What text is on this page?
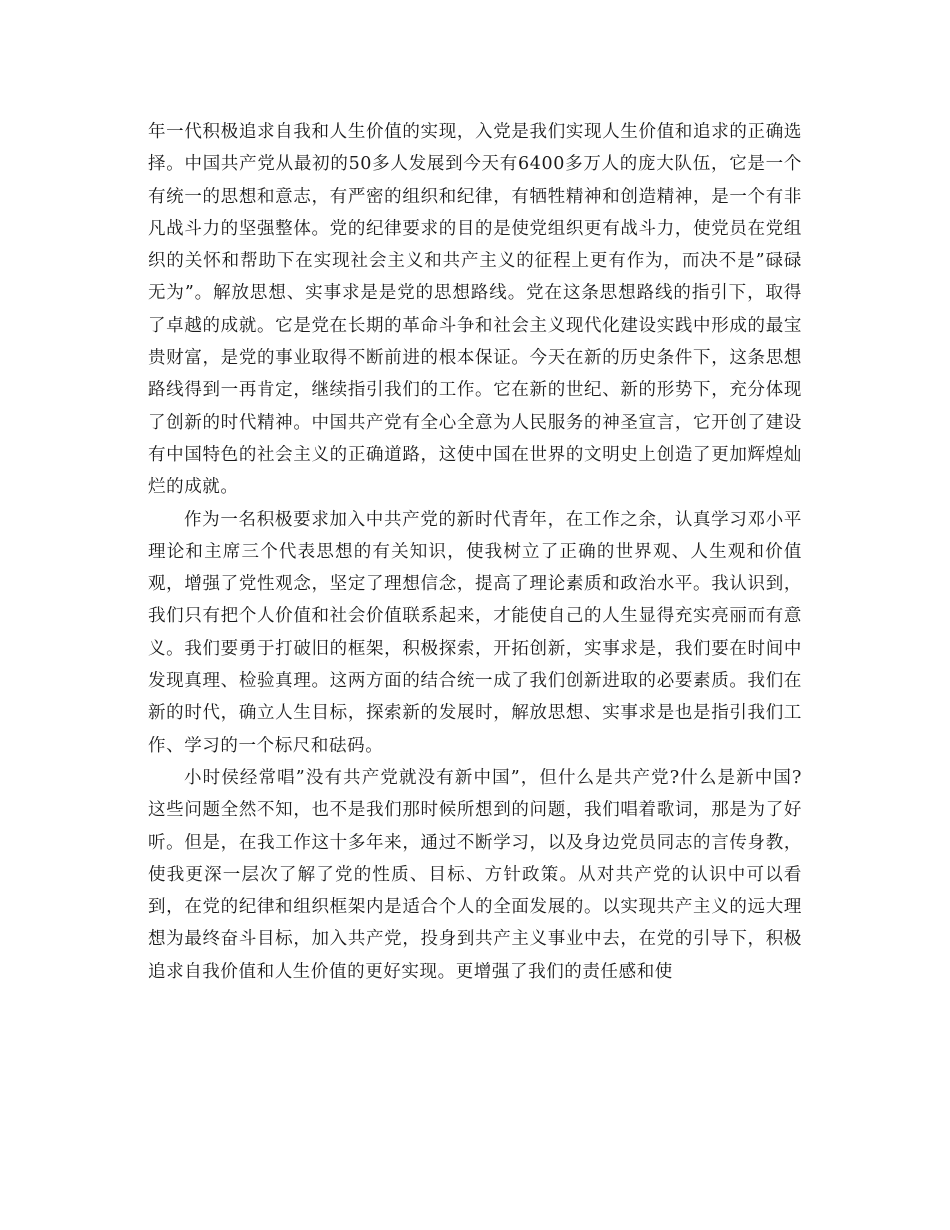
年一代积极追求自我和人生价值的实现，入党是我们实现人生价值和追求的正确选择。中国共产党从最初的50多人发展到今天有6400多万人的庞大队伍，它是一个有统一的思想和意志，有严密的组织和纪律，有牺牲精神和创造精神，是一个有非凡战斗力的坚强整体。党的纪律要求的目的是使党组织更有战斗力，使党员在党组织的关怀和帮助下在实现社会主义和共产主义的征程上更有作为，而决不是”碌碌无为”。解放思想、实事求是是党的思想路线。党在这条思想路线的指引下，取得了卓越的成就。它是党在长期的革命斗争和社会主义现代化建设实践中形成的最宝贵财富，是党的事业取得不断前进的根本保证。今天在新的历史条件下，这条思想路线得到一再肯定，继续指引我们的工作。它在新的世纪、新的形势下，充分体现了创新的时代精神。中国共产党有全心全意为人民服务的神圣宣言，它开创了建设有中国特色的社会主义的正确道路，这使中国在世界的文明史上创造了更加辉煌灿烂的成就。

作为一名积极要求加入中共产党的新时代青年，在工作之余，认真学习邓小平理论和主席三个代表思想的有关知识，使我树立了正确的世界观、人生观和价值观，增强了党性观念，坚定了理想信念，提高了理论素质和政治水平。我认识到，我们只有把个人价值和社会价值联系起来，才能使自己的人生显得充实亮丽而有意义。我们要勇于打破旧的框架，积极探索，开拓创新，实事求是，我们要在时间中发现真理、检验真理。这两方面的结合统一成了我们创新进取的必要素质。我们在新的时代，确立人生目标，探索新的发展时，解放思想、实事求是也是指引我们工作、学习的一个标尺和砝码。

小时侯经常唱”没有共产党就没有新中国”，但什么是共产党?什么是新中国?这些问题全然不知，也不是我们那时候所想到的问题，我们唱着歌词，那是为了好听。但是，在我工作这十多年来，通过不断学习，以及身边党员同志的言传身教，使我更深一层次了解了党的性质、目标、方针政策。从对共产党的认识中可以看到，在党的纪律和组织框架内是适合个人的全面发展的。以实现共产主义的远大理想为最终奋斗目标，加入共产党，投身到共产主义事业中去，在党的引导下，积极追求自我价值和人生价值的更好实现。更增强了我们的责任感和使
